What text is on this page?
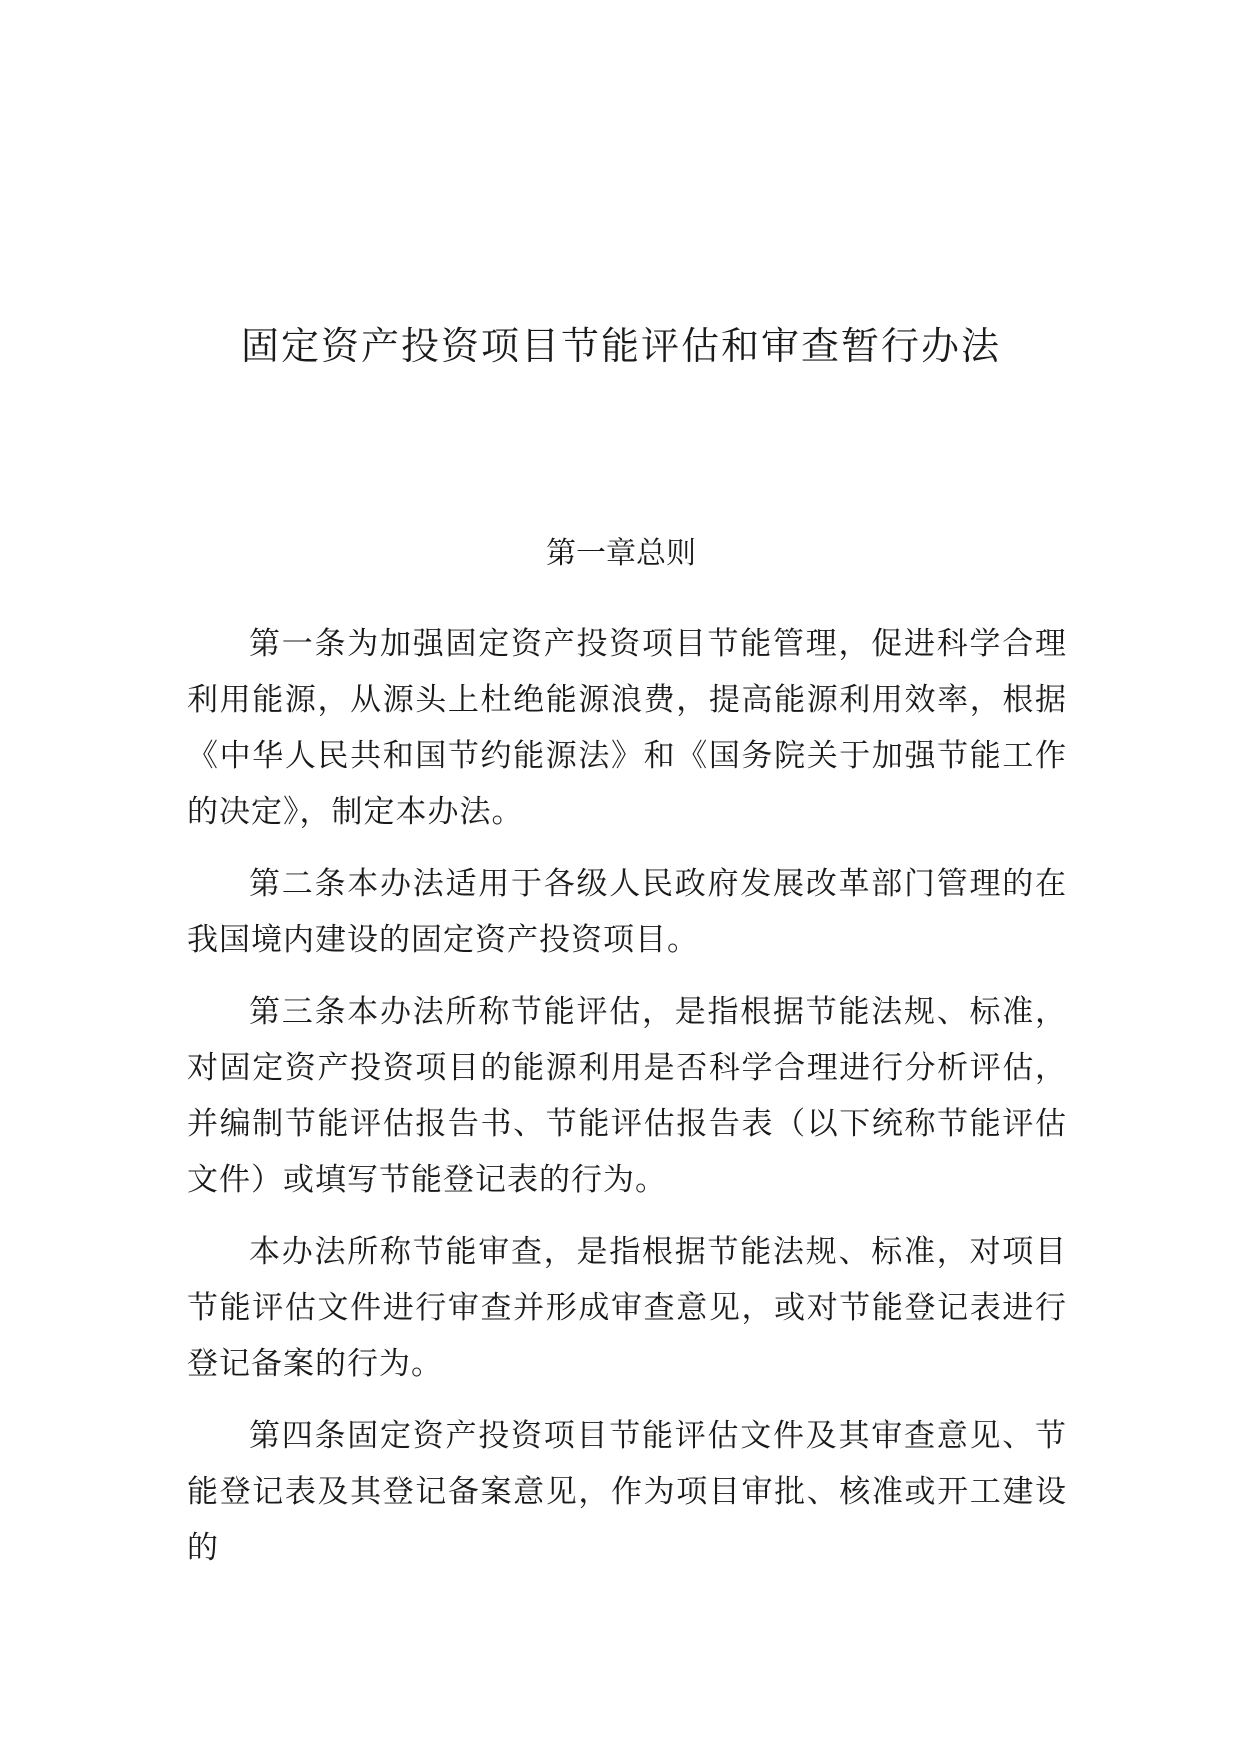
固定资产投资项目节能评估和审查暂行办法
第一章总则

第一条为加强固定资产投资项目节能管理，促进科学合理利用能源，从源头上杜绝能源浪费，提高能源利用效率，根据《中华人民共和国节约能源法》和《国务院关于加强节能工作的决定》，制定本办法。

第二条本办法适用于各级人民政府发展改革部门管理的在我国境内建设的固定资产投资项目。

第三条本办法所称节能评估，是指根据节能法规、标准，对固定资产投资项目的能源利用是否科学合理进行分析评估，并编制节能评估报告书、节能评估报告表（以下统称节能评估文件）或填写节能登记表的行为。

本办法所称节能审查，是指根据节能法规、标准，对项目节能评估文件进行审查并形成审查意见，或对节能登记表进行登记备案的行为。

第四条固定资产投资项目节能评估文件及其审查意见、节能登记表及其登记备案意见，作为项目审批、核准或开工建设的
